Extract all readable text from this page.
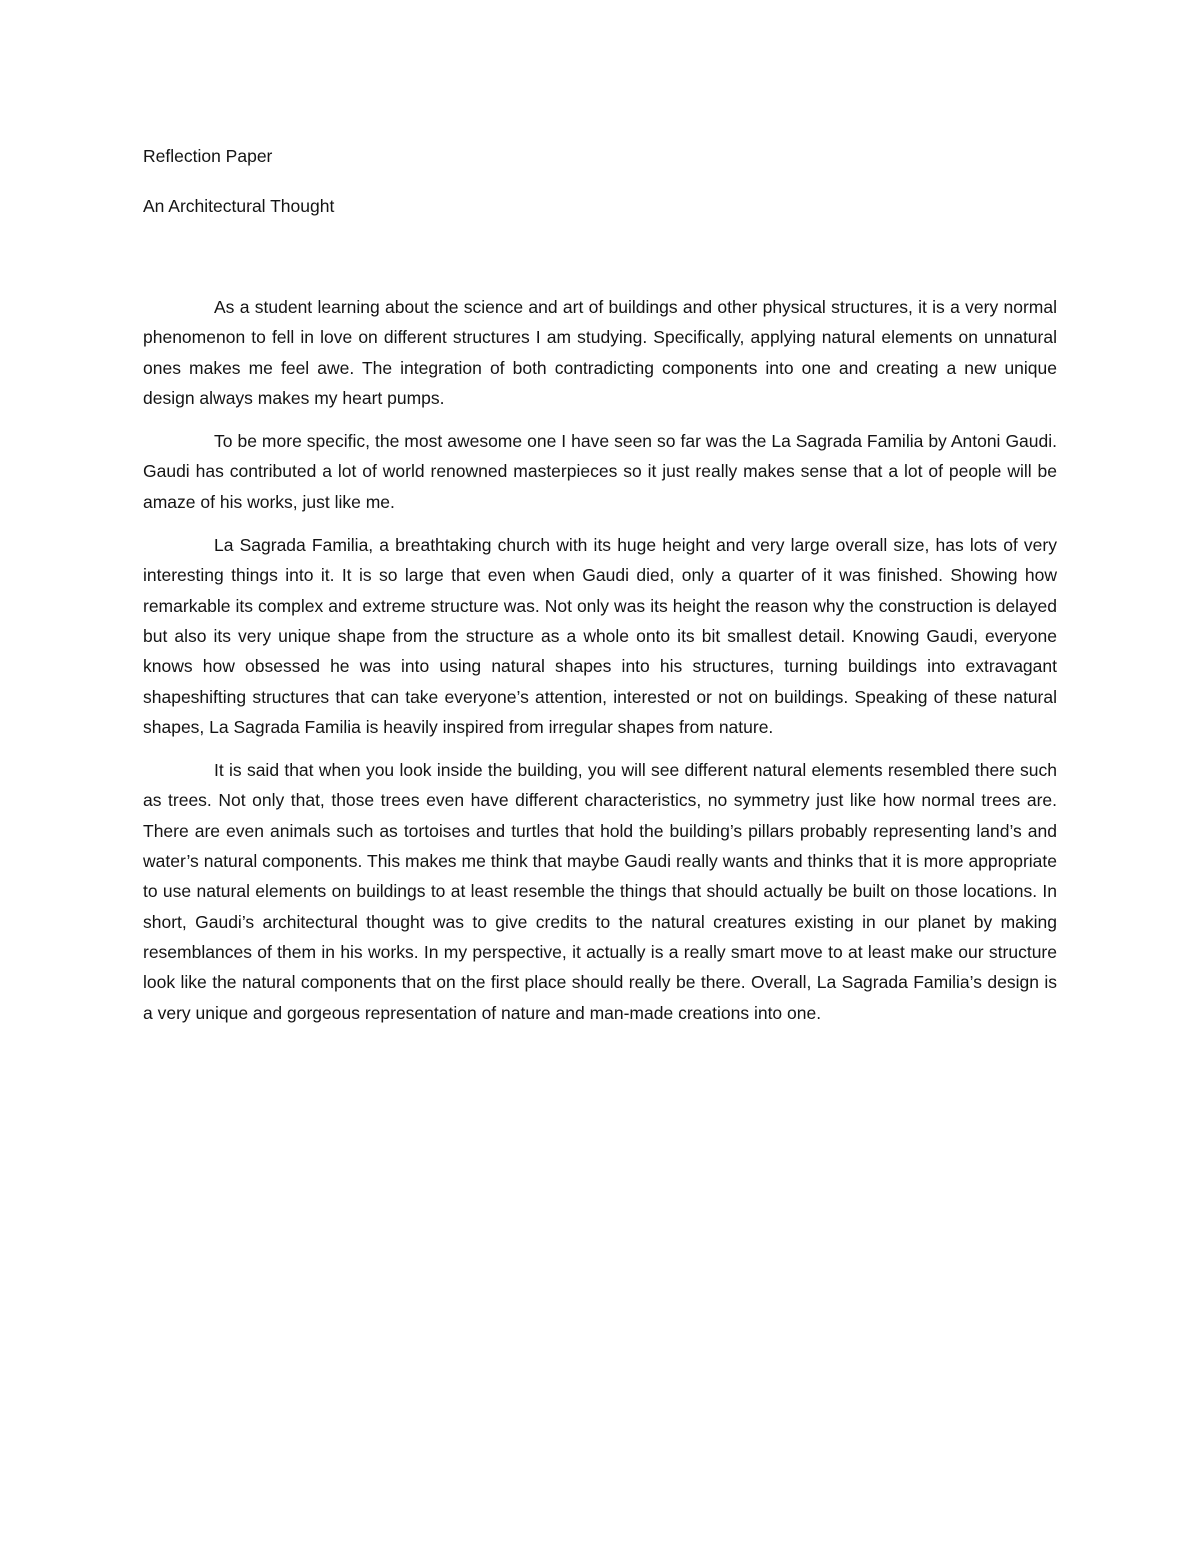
Reflection Paper

An Architectural Thought

As a student learning about the science and art of buildings and other physical structures, it is a very normal phenomenon to fell in love on different structures I am studying. Specifically, applying natural elements on unnatural ones makes me feel awe. The integration of both contradicting components into one and creating a new unique design always makes my heart pumps.

To be more specific, the most awesome one I have seen so far was the La Sagrada Familia by Antoni Gaudi. Gaudi has contributed a lot of world renowned masterpieces so it just really makes sense that a lot of people will be amaze of his works, just like me.

La Sagrada Familia, a breathtaking church with its huge height and very large overall size, has lots of very interesting things into it. It is so large that even when Gaudi died, only a quarter of it was finished. Showing how remarkable its complex and extreme structure was. Not only was its height the reason why the construction is delayed but also its very unique shape from the structure as a whole onto its bit smallest detail. Knowing Gaudi, everyone knows how obsessed he was into using natural shapes into his structures, turning buildings into extravagant shapeshifting structures that can take everyone’s attention, interested or not on buildings. Speaking of these natural shapes, La Sagrada Familia is heavily inspired from irregular shapes from nature.

It is said that when you look inside the building, you will see different natural elements resembled there such as trees. Not only that, those trees even have different characteristics, no symmetry just like how normal trees are. There are even animals such as tortoises and turtles that hold the building’s pillars probably representing land’s and water’s natural components. This makes me think that maybe Gaudi really wants and thinks that it is more appropriate to use natural elements on buildings to at least resemble the things that should actually be built on those locations. In short, Gaudi’s architectural thought was to give credits to the natural creatures existing in our planet by making resemblances of them in his works. In my perspective, it actually is a really smart move to at least make our structure look like the natural components that on the first place should really be there. Overall, La Sagrada Familia’s design is a very unique and gorgeous representation of nature and man-made creations into one.
